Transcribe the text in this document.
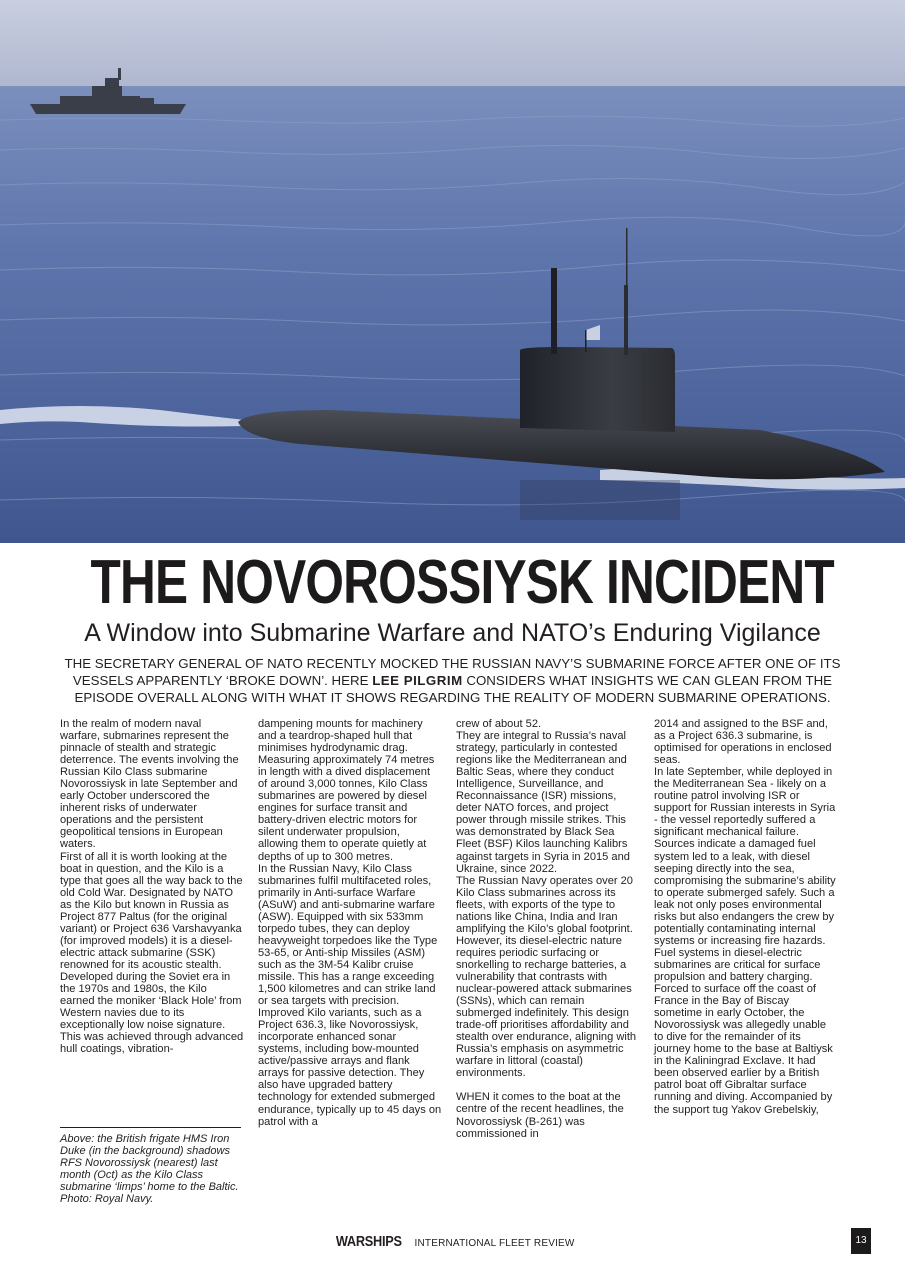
THE NOVOROSSIYSK INCIDENT
A Window into Submarine Warfare and NATO’s Enduring Vigilance
THE SECRETARY GENERAL OF NATO RECENTLY MOCKED THE RUSSIAN NAVY’S SUBMARINE FORCE AFTER ONE OF ITS VESSELS APPARENTLY ‘BROKE DOWN’. HERE LEE PILGRIM CONSIDERS WHAT INSIGHTS WE CAN GLEAN FROM THE EPISODE OVERALL ALONG WITH WHAT IT SHOWS REGARDING THE REALITY OF MODERN SUBMARINE OPERATIONS.

In the realm of modern naval warfare, submarines represent the pinnacle of stealth and strategic deterrence. The events involving the Russian Kilo Class submarine Novorossiysk in late September and early October underscored the inherent risks of underwater operations and the persistent geopolitical tensions in European waters.

First of all it is worth looking at the boat in question, and the Kilo is a type that goes all the way back to the old Cold War. Designated by NATO as the Kilo but known in Russia as Project 877 Paltus (for the original variant) or Project 636 Varshavyanka (for improved models) it is a diesel-electric attack submarine (SSK) renowned for its acoustic stealth.

Developed during the Soviet era in the 1970s and 1980s, the Kilo earned the moniker ‘Black Hole’ from Western navies due to its exceptionally low noise signature. This was achieved through advanced hull coatings, vibration-

Above: the British frigate HMS Iron Duke (in the background) shadows RFS Novorossiysk (nearest) last month (Oct) as the Kilo Class submarine ‘limps’ home to the Baltic. Photo: Royal Navy.

dampening mounts for machinery and a teardrop-shaped hull that minimises hydrodynamic drag. Measuring approximately 74 metres in length with a dived displacement of around 3,000 tonnes, Kilo Class submarines are powered by diesel engines for surface transit and battery-driven electric motors for silent underwater propulsion, allowing them to operate quietly at depths of up to 300 metres.

In the Russian Navy, Kilo Class submarines fulfil multifaceted roles, primarily in Anti-surface Warfare (ASuW) and anti-submarine warfare (ASW). Equipped with six 533mm torpedo tubes, they can deploy heavyweight torpedoes like the Type 53-65, or Anti-ship Missiles (ASM) such as the 3M-54 Kalibr cruise missile. This has a range exceeding 1,500 kilometres and can strike land or sea targets with precision.

Improved Kilo variants, such as a Project 636.3, like Novorossiysk, incorporate enhanced sonar systems, including bow-mounted active/passive arrays and flank arrays for passive detection. They also have upgraded battery technology for extended submerged endurance, typically up to 45 days on patrol with a

crew of about 52.

They are integral to Russia’s naval strategy, particularly in contested regions like the Mediterranean and Baltic Seas, where they conduct Intelligence, Surveillance, and Reconnaissance (ISR) missions, deter NATO forces, and project power through missile strikes. This was demonstrated by Black Sea Fleet (BSF) Kilos launching Kalibrs against targets in Syria in 2015 and Ukraine, since 2022.

The Russian Navy operates over 20 Kilo Class submarines across its fleets, with exports of the type to nations like China, India and Iran amplifying the Kilo’s global footprint. However, its diesel-electric nature requires periodic surfacing or snorkelling to recharge batteries, a vulnerability that contrasts with nuclear-powered attack submarines (SSNs), which can remain submerged indefinitely. This design trade-off prioritises affordability and stealth over endurance, aligning with Russia’s emphasis on asymmetric warfare in littoral (coastal) environments.

WHEN it comes to the boat at the centre of the recent headlines, the Novorossiysk (B-261) was commissioned in

2014 and assigned to the BSF and, as a Project 636.3 submarine, is optimised for operations in enclosed seas.

In late September, while deployed in the Mediterranean Sea - likely on a routine patrol involving ISR or support for Russian interests in Syria - the vessel reportedly suffered a significant mechanical failure. Sources indicate a damaged fuel system led to a leak, with diesel seeping directly into the sea, compromising the submarine’s ability to operate submerged safely. Such a leak not only poses environmental risks but also endangers the crew by potentially contaminating internal systems or increasing fire hazards. Fuel systems in diesel-electric submarines are critical for surface propulsion and battery charging.

Forced to surface off the coast of France in the Bay of Biscay sometime in early October, the Novorossiysk was allegedly unable to dive for the remainder of its journey home to the base at Baltiysk in the Kaliningrad Exclave. It had been observed earlier by a British patrol boat off Gibraltar surface running and diving. Accompanied by the support tug Yakov Grebelskiy,

WARSHIPS INTERNATIONAL FLEET REVIEW	13
